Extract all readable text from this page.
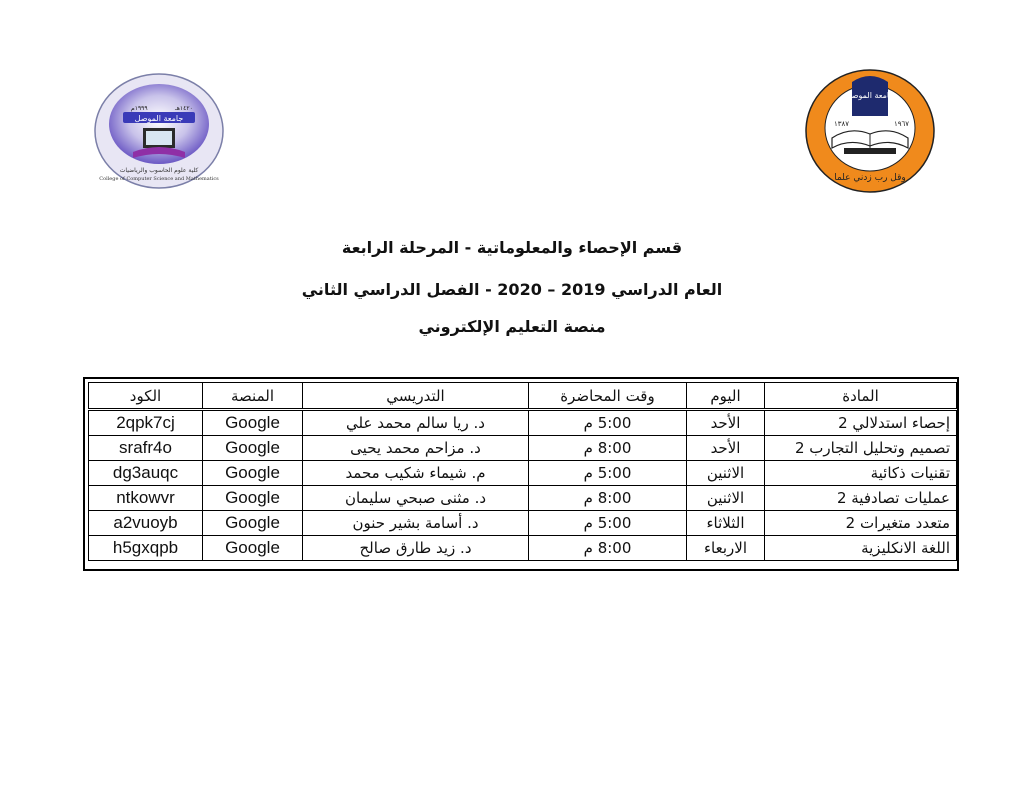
جامعة الموصل
١٩٩٩م	١٤٢٠هـ
كلية علوم الحاسوب والرياضيات
College of Computer Science and Mathematics
جامعة الموصل
١٣٨٧	١٩٦٧
وقل رب زدني علما
قسم الإحصاء والمعلوماتية - المرحلة الرابعة
العام الدراسي 2019 – 2020 - الفصل الدراسي الثاني
منصة التعليم الإلكتروني
المادة	اليوم	وقت المحاضرة	التدريسي	المنصة	الكود
إحصاء استدلالي 2	الأحد	5:00 م	د. ريا سالم محمد علي	Google	2qpk7cj
تصميم وتحليل التجارب 2	الأحد	8:00 م	د. مزاحم محمد يحيى	Google	srafr4o
تقنيات ذكائية	الاثنين	5:00 م	م. شيماء شكيب محمد	Google	dg3auqc
عمليات تصادفية 2	الاثنين	8:00 م	د. مثنى صبحي سليمان	Google	ntkowvr
متعدد متغيرات 2	الثلاثاء	5:00 م	د. أسامة بشير حنون	Google	a2vuoyb
اللغة الانكليزية	الاربعاء	8:00 م	د. زيد طارق صالح	Google	h5gxqpb
